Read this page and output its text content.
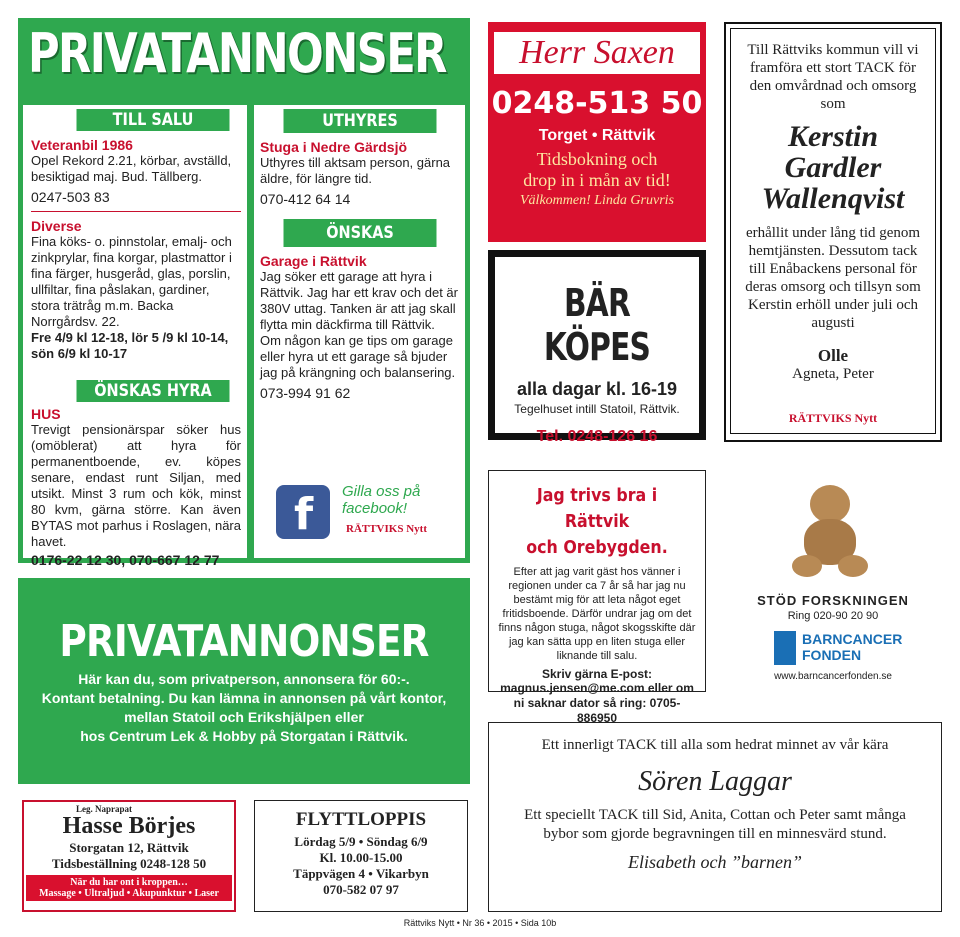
PRIVATANNONSER
TILL SALU
Veteranbil 1986
Opel Rekord 2.21, körbar, avställd, besiktigad maj. Bud. Tällberg.
0247-503 83
Diverse
Fina köks- o. pinnstolar, emalj- och zinkprylar, fina korgar, plastmattor i fina färger, husgeråd, glas, porslin, ullfiltar, fina påslakan, gardiner, stora trätråg m.m. Backa Norrgårdsv. 22.
Fre 4/9 kl 12-18, lör 5 /9 kl 10-14, sön 6/9 kl 10-17
ÖNSKAS HYRA
HUS
Trevigt pensionärspar söker hus (omöblerat) att hyra för permanentboende, ev. köpes senare, endast runt Siljan, med utsikt. Minst 3 rum och kök, minst 80 kvm, gärna större. Kan även BYTAS mot parhus i Roslagen, nära havet.
0176-22 12 30, 070-667 12 77
UTHYRES
Stuga i Nedre Gärdsjö
Uthyres till aktsam person, gärna äldre, för längre tid.
070-412 64 14
ÖNSKAS
Garage i Rättvik
Jag söker ett garage att hyra i Rättvik. Jag har ett krav och det är 380V uttag. Tanken är att jag skall flytta min däckfirma till Rättvik. Om någon kan ge tips om garage eller hyra ut ett garage så bjuder jag på krängning och balansering.
073-994 91 62
f Gilla oss på
facebook!
RÄTTVIKS Nytt
Herr Saxen
0248-513 50
Torget • Rättvik
Tidsbokning och
drop in i mån av tid!
Välkommen! Linda Gruvris
BÄR KÖPES
alla dagar kl. 16-19
Tegelhuset intill Statoil, Rättvik.
Tel. 0248-126 16
Till Rättviks kommun vill vi framföra ett stort TACK för den omvårdnad och omsorg som
Kerstin
Gardler
Wallenqvist
erhållit under lång tid genom hemtjänsten. Dessutom tack till Enåbackens personal för deras omsorg och tillsyn som Kerstin erhöll under juli och augusti
Olle
Agneta, Peter
RÄTTVIKS Nytt
Jag trivs bra i Rättvik
och Orebygden.
Efter att jag varit gäst hos vänner i regionen under ca 7 år så har jag nu bestämt mig för att leta något eget fritidsboende. Därför undrar jag om det finns någon stuga, något skogsskifte där jag kan sätta upp en liten stuga eller liknande till salu.
Skriv gärna E-post:
magnus.jensen@me.com eller om ni saknar dator så ring: 0705-886950
STÖD FORSKNINGEN
Ring 020-90 20 90
BARNCANCER
FONDEN
www.barncancerfonden.se
PRIVATANNONSER
Här kan du, som privatperson, annonsera för 60:-.
Kontant betalning. Du kan lämna in annonsen på vårt kontor,
mellan Statoil och Erikshjälpen eller
hos Centrum Lek & Hobby på Storgatan i Rättvik.
Leg. Naprapat
Hasse Börjes
Storgatan 12, Rättvik
Tidsbeställning 0248-128 50
När du har ont i kroppen…
Massage • Ultraljud • Akupunktur • Laser
FLYTTLOPPIS
Lördag 5/9 • Söndag 6/9
Kl. 10.00-15.00
Täppvägen 4 • Vikarbyn
070-582 07 97
Ett innerligt TACK till alla som hedrat minnet av vår kära
Sören Laggar
Ett speciellt TACK till Sid, Anita, Cottan och Peter samt många bybor som gjorde begravningen till en minnesvärd stund.
Elisabeth och ”barnen”
Rättviks Nytt • Nr 36 • 2015 • Sida 10b
